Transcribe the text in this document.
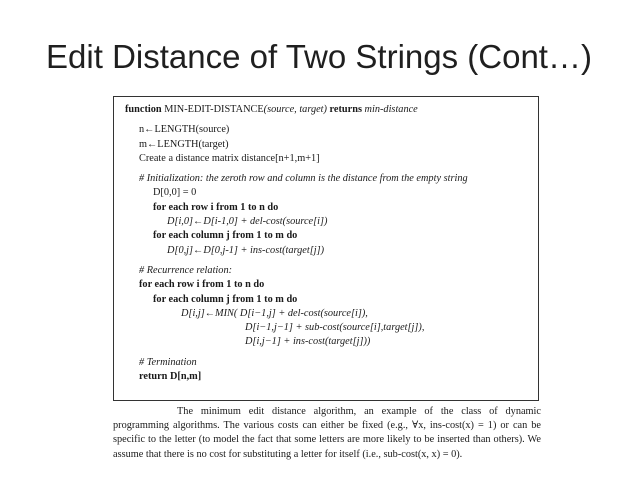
Edit Distance of Two Strings (Cont…)
function MIN-EDIT-DISTANCE(source, target) returns min-distance
n←LENGTH(source)
m←LENGTH(target)
Create a distance matrix distance[n+1,m+1]
# Initialization: the zeroth row and column is the distance from the empty string
D[0,0] = 0
for each row i from 1 to n do
D[i,0]←D[i-1,0] + del-cost(source[i])
for each column j from 1 to m do
D[0,j]←D[0,j-1] + ins-cost(target[j])
# Recurrence relation:
for each row i from 1 to n do
for each column j from 1 to m do
D[i,j]←MIN( D[i−1,j] + del-cost(source[i]),
D[i−1,j−1] + sub-cost(source[i],target[j]),
D[i,j−1] + ins-cost(target[j]))
# Termination
return D[n,m]
The minimum edit distance algorithm, an example of the class of dynamic programming algorithms. The various costs can either be fixed (e.g., ∀x, ins-cost(x) = 1) or can be specific to the letter (to model the fact that some letters are more likely to be inserted than others). We assume that there is no cost for substituting a letter for itself (i.e., sub-cost(x, x) = 0).
